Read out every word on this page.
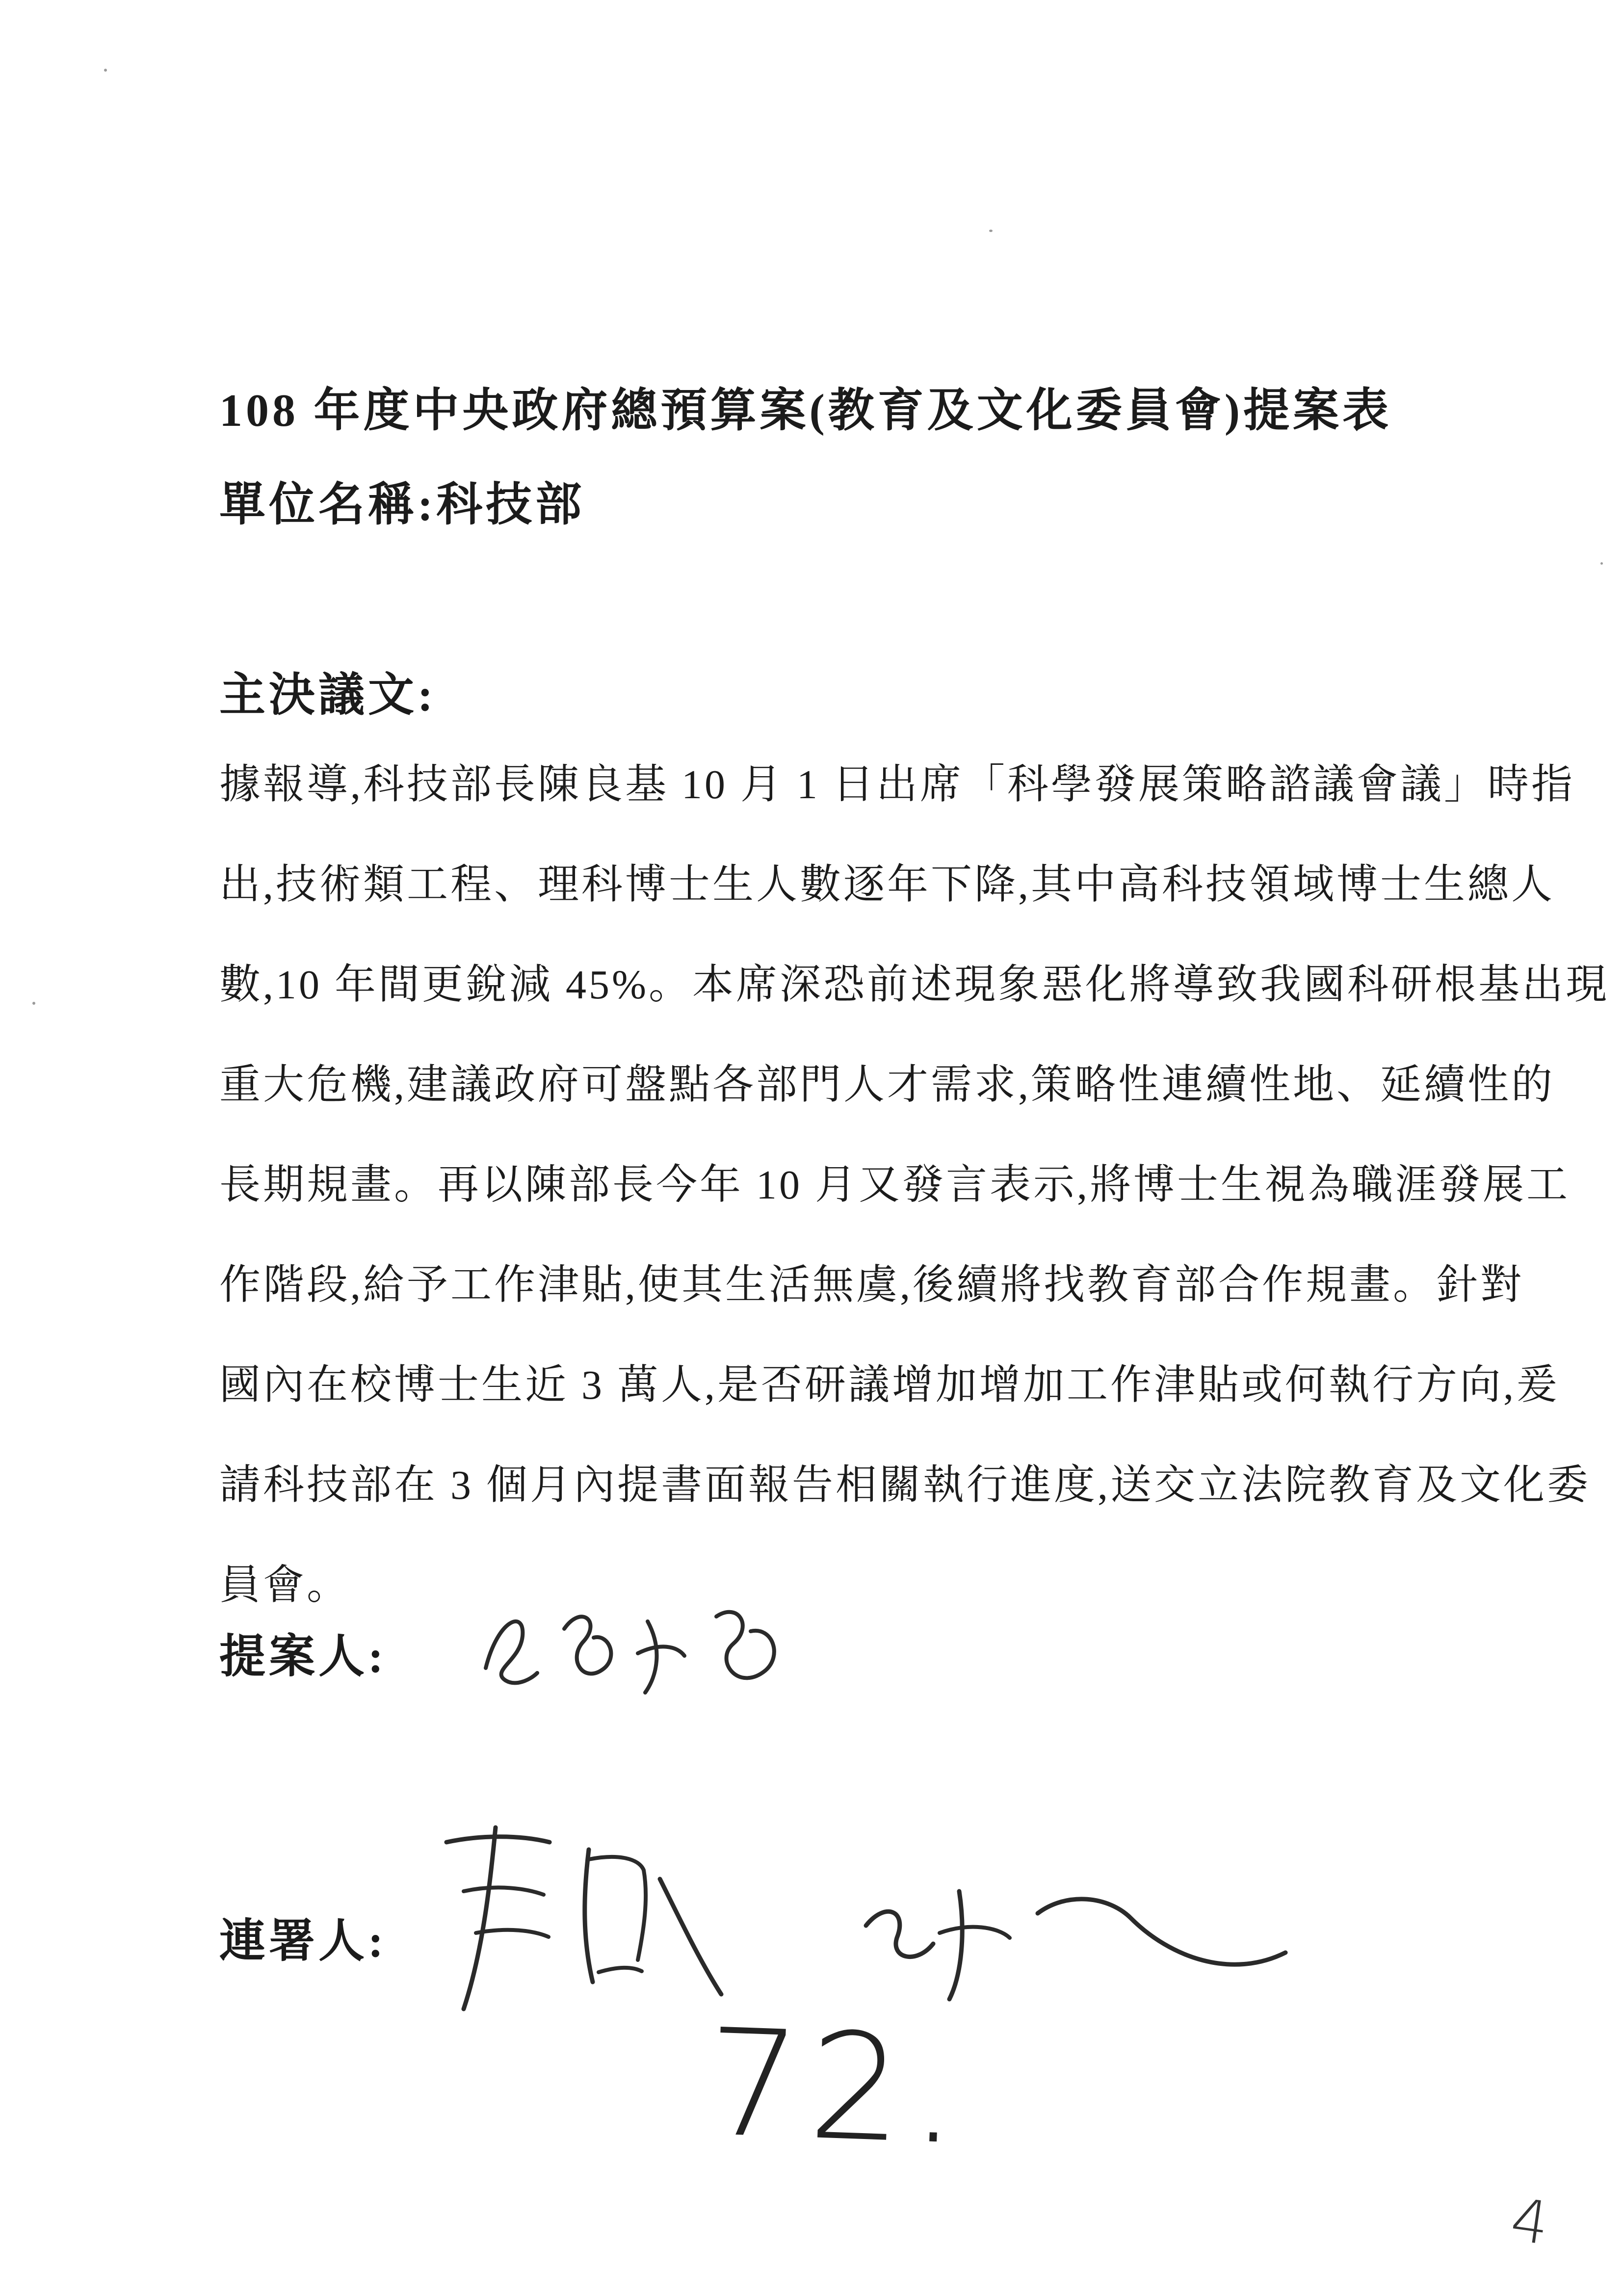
108 年度中央政府總預算案(教育及文化委員會)提案表
單位名稱:科技部
主決議文:
據報導,科技部長陳良基 10 月 1 日出席「科學發展策略諮議會議」時指
出,技術類工程、理科博士生人數逐年下降,其中高科技領域博士生總人
數,10 年間更銳減 45%。本席深恐前述現象惡化將導致我國科研根基出現
重大危機,建議政府可盤點各部門人才需求,策略性連續性地、延續性的
長期規畫。再以陳部長今年 10 月又發言表示,將博士生視為職涯發展工
作階段,給予工作津貼,使其生活無虞,後續將找教育部合作規畫。針對
國內在校博士生近 3 萬人,是否研議增加增加工作津貼或何執行方向,爰
請科技部在 3 個月內提書面報告相關執行進度,送交立法院教育及文化委
員會。
提案人:
連署人:
72.
4
